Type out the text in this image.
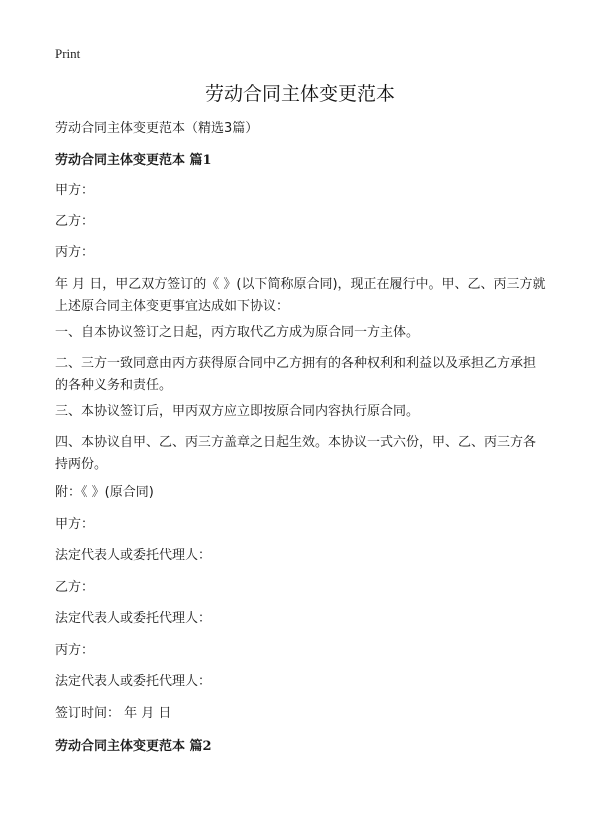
Print
劳动合同主体变更范本

劳动合同主体变更范本（精选3篇）

劳动合同主体变更范本 篇1

甲方：

乙方：

丙方：

年 月 日，甲乙双方签订的《 》(以下简称原合同)，现正在履行中。甲、乙、丙三方就上述原合同主体变更事宜达成如下协议：

一、自本协议签订之日起，丙方取代乙方成为原合同一方主体。

二、三方一致同意由丙方获得原合同中乙方拥有的各种权利和利益以及承担乙方承担的各种义务和责任。

三、本协议签订后，甲丙双方应立即按原合同内容执行原合同。

四、本协议自甲、乙、丙三方盖章之日起生效。本协议一式六份，甲、乙、丙三方各持两份。

附：《 》(原合同)

甲方：

法定代表人或委托代理人：

乙方：

法定代表人或委托代理人：

丙方：

法定代表人或委托代理人：

签订时间： 年 月 日

劳动合同主体变更范本 篇2
